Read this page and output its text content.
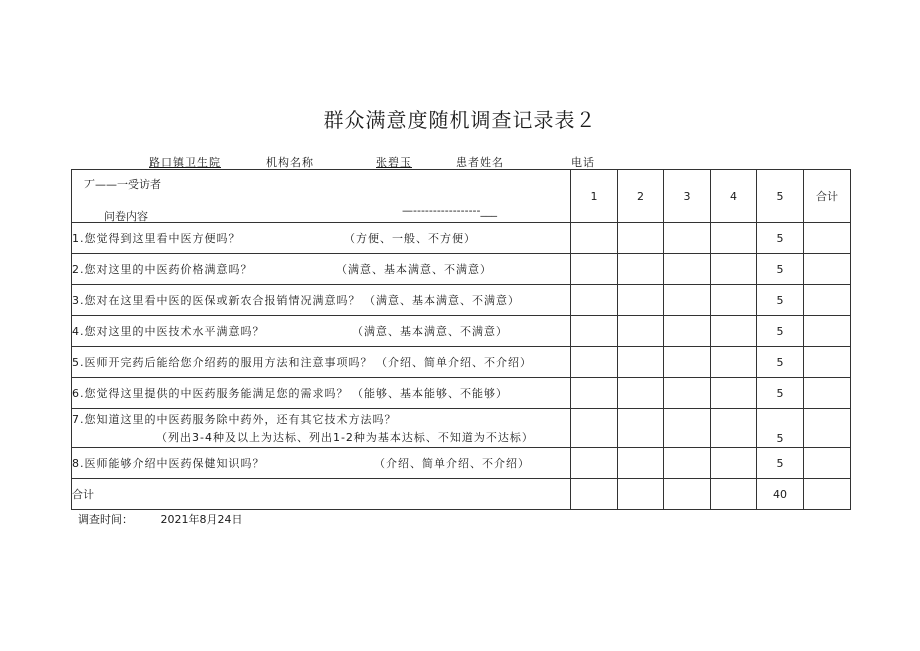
群众满意度随机调查记录表２
路口镇卫生院	机构名称	张碧玉	患者姓名	电话
丆——一受访者
—-----------------___
问卷内容	1	2	3	4	5	合计
1.您觉得到这里看中医方便吗？ （方便、一般、不方便）					5	
2.您对这里的中医药价格满意吗？ （满意、基本满意、不满意）					5	
3.您对在这里看中医的医保或新农合报销情况满意吗？ （满意、基本满意、不满意）					5	
4.您对这里的中医技术水平满意吗？ （满意、基本满意、不满意）					5	
5.医师开完药后能给您介绍药的服用方法和注意事项吗？ （介绍、简单介绍、不介绍）					5	
6.您觉得这里提供的中医药服务能满足您的需求吗？ （能够、基本能够、不能够）					5	

7.您知道这里的中医药服务除中药外，还有其它技术方法吗？
（列出3-4种及以上为达标、列出1-2种为基本达标、不知道为不达标）					5	
8.医师能够介绍中医药保健知识吗？ （介绍、简单介绍、不介绍）					5	
合计					40	
调查时间：	2021年8月24日
